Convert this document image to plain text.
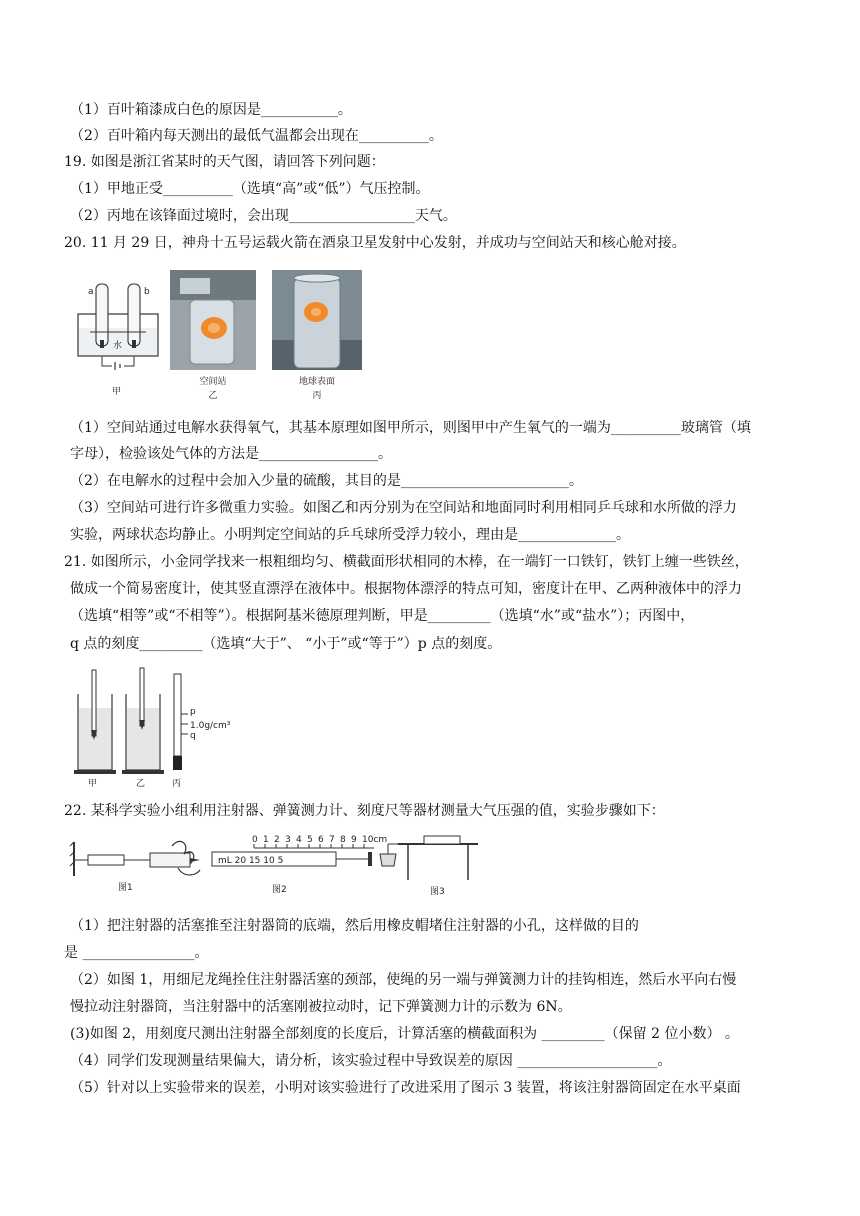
（1）百叶箱漆成白色的原因是___________。
（2）百叶箱内每天测出的最低气温都会出现在__________。
19. 如图是浙江省某时的天气图，请回答下列问题：
（1）甲地正受__________（选填“高”或“低”）气压控制。
（2）丙地在该锋面过境时，会出现__________________天气。
20. 11 月 29 日，神舟十五号运载火箭在酒泉卫星发射中心发射，并成功与空间站天和核心舱对接。
a	b
水
甲
空间站
乙
地球表面
丙
（1）空间站通过电解水获得氧气，其基本原理如图甲所示，则图甲中产生氧气的一端为__________玻璃管（填
字母），检验该处气体的方法是_________________。
（2）在电解水的过程中会加入少量的硫酸，其目的是________________________。
（3）空间站可进行许多微重力实验。如图乙和丙分别为在空间站和地面同时利用相同乒乓球和水所做的浮力
实验，两球状态均静止。小明判定空间站的乒乓球所受浮力较小，理由是______________。
21. 如图所示，小金同学找来一根粗细均匀、横截面形状相同的木棒，在一端钉一口铁钉，铁钉上缠一些铁丝，
做成一个简易密度计，使其竖直漂浮在液体中。根据物体漂浮的特点可知，密度计在甲、乙两种液体中的浮力
（选填“相等”或“不相等”）。根据阿基米德原理判断，甲是_________（选填“水”或“盐水”）；丙图中，
q 点的刻度_________（选填“大于”、 “小于”或“等于”）p 点的刻度。
p
1.0g/cm³
q
甲	乙	丙
22. 某科学实验小组利用注射器、弹簧测力计、刻度尺等器材测量大气压强的值，实验步骤如下：
图1
0 1 2 3 4 5 6 7 8 9 10cm
mL 20 15 10 5
图2	图3
（1）把注射器的活塞推至注射器筒的底端，然后用橡皮帽堵住注射器的小孔，这样做的目的
是 ________________。
（2）如图 1，用细尼龙绳拴住注射器活塞的颈部，使绳的另一端与弹簧测力计的挂钩相连，然后水平向右慢
慢拉动注射器筒，当注射器中的活塞刚被拉动时，记下弹簧测力计的示数为 6N。
(3)如图 2，用刻度尺测出注射器全部刻度的长度后，计算活塞的横截面积为 _________（保留 2 位小数） 。
（4）同学们发现测量结果偏大，请分析，该实验过程中导致误差的原因 ____________________。
（5）针对以上实验带来的误差，小明对该实验进行了改进采用了图示 3 装置，将该注射器筒固定在水平桌面
